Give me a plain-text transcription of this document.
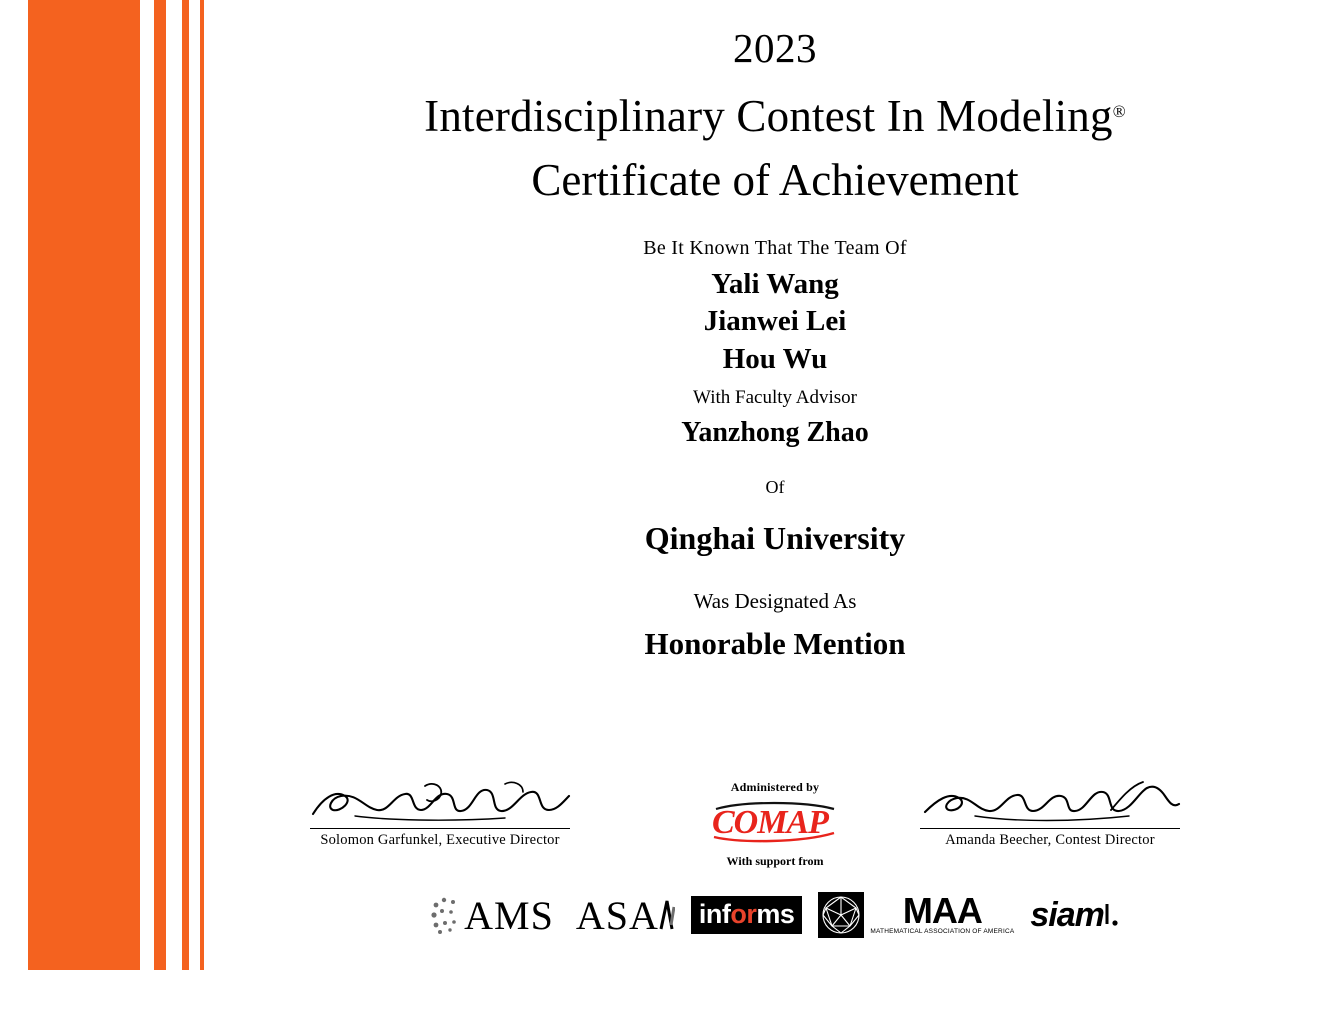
2023
Interdisciplinary Contest In Modeling®
Certificate of Achievement
Be It Known That The Team Of
Yali Wang
Jianwei Lei
Hou Wu
With Faculty Advisor
Yanzhong Zhao
Of
Qinghai University
Was Designated As
Honorable Mention
Solomon Garfunkel, Executive Director	Amanda Beecher, Contest Director
Administered by
COMAP
With support from
AMS ASA informs	MAA
MATHEMATICAL ASSOCIATION OF AMERICA siam
